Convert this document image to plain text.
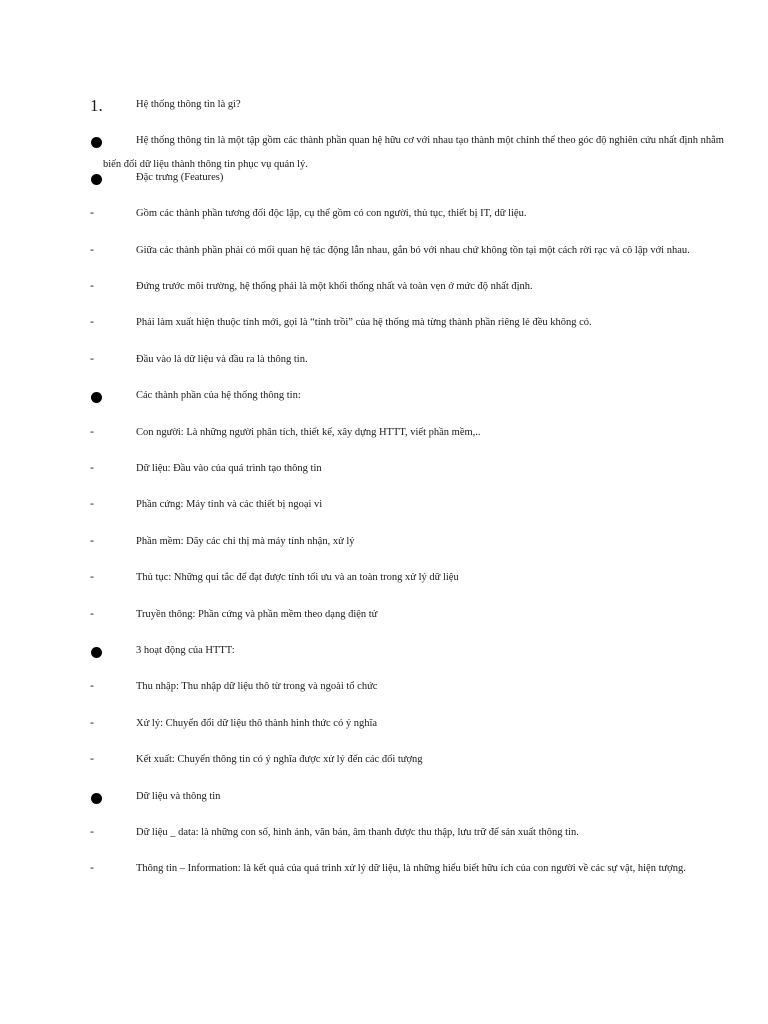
1.	Hệ thống thông tin là gì?
Hệ thống thông tin là một tập gồm các thành phần quan hệ hữu cơ với nhau tạo thành một chỉnh thể theo góc độ nghiên cứu nhất định nhằm
biến đổi dữ liệu thành thông tin phục vụ quản lý.
Đặc trưng (Features)
-	Gồm các thành phần tương đối độc lập, cụ thể gồm có con người, thủ tục, thiết bị IT, dữ liệu.
-	Giữa các thành phần phải có mối quan hệ tác động lẫn nhau, gắn bó với nhau chứ không tồn tại một cách rời rạc và cô lập với nhau.
-	Đứng trước môi trường, hệ thống phải là một khối thống nhất và toàn vẹn ở mức độ nhất định.
-	Phải làm xuất hiện thuộc tính mới, gọi là “tính trồi” của hệ thống mà từng thành phần riêng lẻ đều không có.
-	Đầu vào là dữ liệu và đầu ra là thông tin.
Các thành phần của hệ thống thông tin:
-	Con người: Là những người phân tích, thiết kế, xây dựng HTTT, viết phần mềm,..
-	Dữ liệu: Đầu vào của quá trình tạo thông tin
-	Phần cứng: Máy tính và các thiết bị ngoại vi
-	Phần mềm: Dãy các chỉ thị mà máy tính nhận, xử lý
-	Thủ tục: Những qui tắc để đạt được tính tối ưu và an toàn trong xử lý dữ liệu
-	Truyền thông: Phần cứng và phần mềm theo dạng điện tử
3 hoạt động của HTTT:
-	Thu nhập: Thu nhập dữ liệu thô từ trong và ngoài tổ chức
-	Xử lý: Chuyển đổi dữ liệu thô thành hình thức có ý nghĩa
-	Kết xuất: Chuyển thông tin có ý nghĩa được xử lý đến các đối tượng
Dữ liệu và thông tin
-	Dữ liệu _ data: là những con số, hình ảnh, văn bản, âm thanh được thu thập, lưu trữ để sản xuất thông tin.
-	Thông tin – Information: là kết quả của quá trình xử lý dữ liệu, là những hiểu biết hữu ích của con người về các sự vật, hiện tượng.
